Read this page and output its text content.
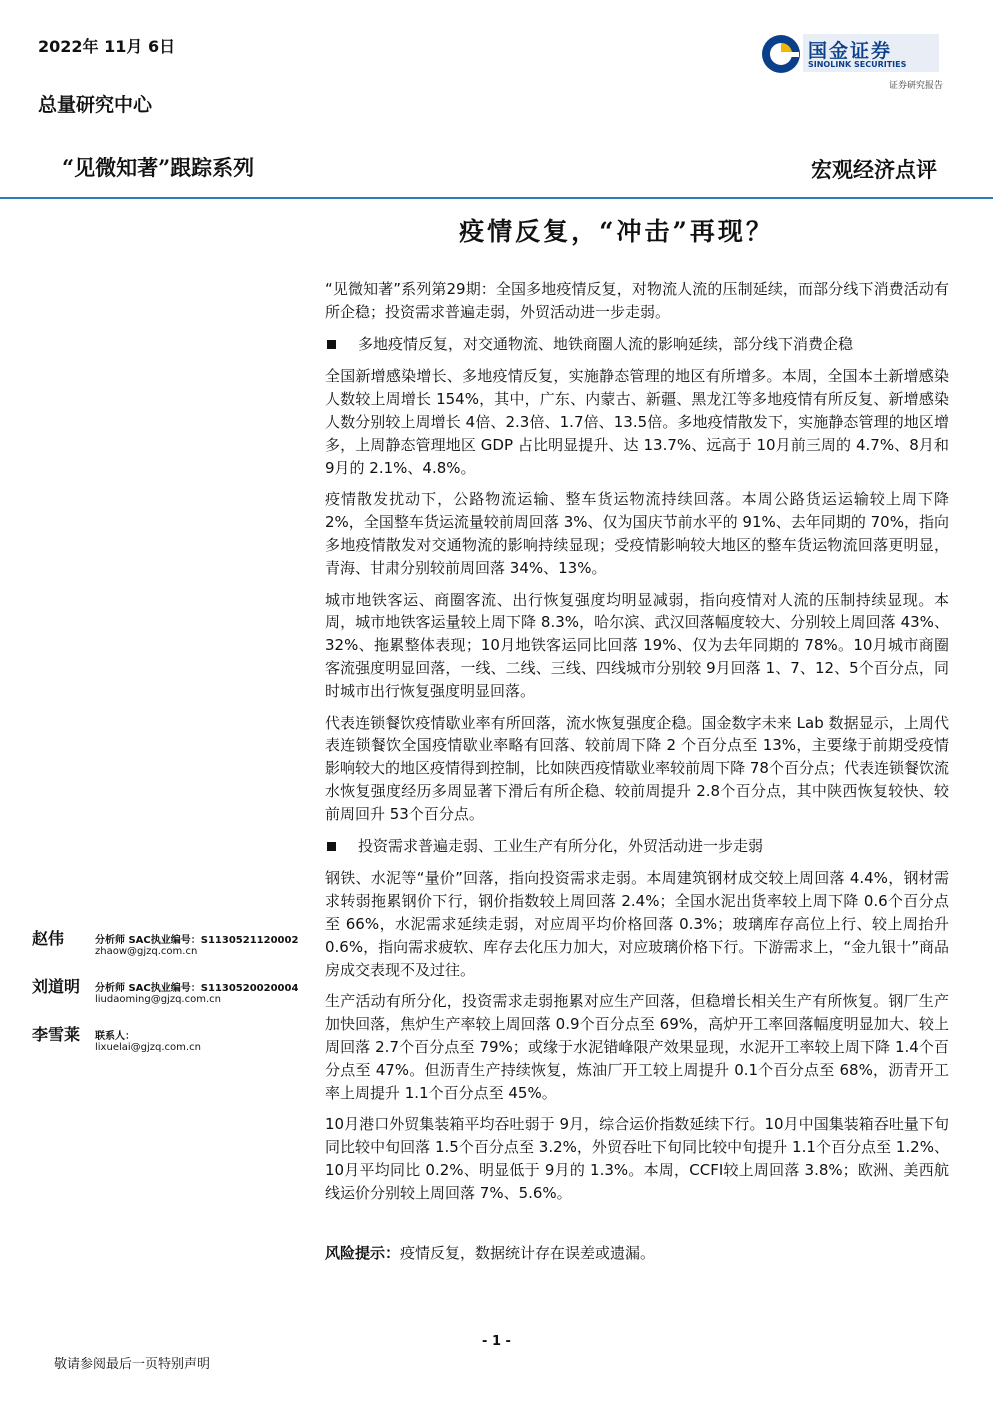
2022年 11月 6日
总量研究中心
“见微知著”跟踪系列	宏观经济点评
国金证券
SINOLINK SECURITIES
证券研究报告
疫情反复，“冲击”再现？

“见微知著”系列第29期：全国多地疫情反复，对物流人流的压制延续，而部分线下消费活动有所企稳；投资需求普遍走弱，外贸活动进一步走弱。

多地疫情反复，对交通物流、地铁商圈人流的影响延续，部分线下消费企稳

全国新增感染增长、多地疫情反复，实施静态管理的地区有所增多。本周，全国本土新增感染人数较上周增长 154%，其中，广东、内蒙古、新疆、黑龙江等多地疫情有所反复、新增感染人数分别较上周增长 4倍、2.3倍、1.7倍、13.5倍。多地疫情散发下，实施静态管理的地区增多，上周静态管理地区 GDP 占比明显提升、达 13.7%、远高于 10月前三周的 4.7%、8月和 9月的 2.1%、4.8%。

疫情散发扰动下，公路物流运输、整车货运物流持续回落。本周公路货运运输较上周下降 2%，全国整车货运流量较前周回落 3%、仅为国庆节前水平的 91%、去年同期的 70%，指向多地疫情散发对交通物流的影响持续显现；受疫情影响较大地区的整车货运物流回落更明显，青海、甘肃分别较前周回落 34%、13%。

城市地铁客运、商圈客流、出行恢复强度均明显减弱，指向疫情对人流的压制持续显现。本周，城市地铁客运量较上周下降 8.3%，哈尔滨、武汉回落幅度较大、分别较上周回落 43%、32%、拖累整体表现；10月地铁客运同比回落 19%、仅为去年同期的 78%。10月城市商圈客流强度明显回落，一线、二线、三线、四线城市分别较 9月回落 1、7、12、5个百分点，同时城市出行恢复强度明显回落。

代表连锁餐饮疫情歇业率有所回落，流水恢复强度企稳。国金数字未来 Lab 数据显示，上周代表连锁餐饮全国疫情歇业率略有回落、较前周下降 2 个百分点至 13%，主要缘于前期受疫情影响较大的地区疫情得到控制，比如陕西疫情歇业率较前周下降 78个百分点；代表连锁餐饮流水恢复强度经历多周显著下滑后有所企稳、较前周提升 2.8个百分点，其中陕西恢复较快、较前周回升 53个百分点。

投资需求普遍走弱、工业生产有所分化，外贸活动进一步走弱

钢铁、水泥等“量价”回落，指向投资需求走弱。本周建筑钢材成交较上周回落 4.4%，钢材需求转弱拖累钢价下行，钢价指数较上周回落 2.4%；全国水泥出货率较上周下降 0.6个百分点至 66%，水泥需求延续走弱，对应周平均价格回落 0.3%；玻璃库存高位上行、较上周抬升 0.6%，指向需求疲软、库存去化压力加大，对应玻璃价格下行。下游需求上，“金九银十”商品房成交表现不及过往。

生产活动有所分化，投资需求走弱拖累对应生产回落，但稳增长相关生产有所恢复。钢厂生产加快回落，焦炉生产率较上周回落 0.9个百分点至 69%，高炉开工率回落幅度明显加大、较上周回落 2.7个百分点至 79%；或缘于水泥错峰限产效果显现，水泥开工率较上周下降 1.4个百分点至 47%。但沥青生产持续恢复，炼油厂开工较上周提升 0.1个百分点至 68%，沥青开工率上周提升 1.1个百分点至 45%。

10月港口外贸集装箱平均吞吐弱于 9月，综合运价指数延续下行。10月中国集装箱吞吐量下旬同比较中旬回落 1.5个百分点至 3.2%，外贸吞吐下旬同比较中旬提升 1.1个百分点至 1.2%、10月平均同比 0.2%、明显低于 9月的 1.3%。本周，CCFI较上周回落 3.8%；欧洲、美西航线运价分别较上周回落 7%、5.6%。

风险提示：疫情反复，数据统计存在误差或遗漏。

赵伟	分析师 SAC执业编号：S1130521120002
zhaow@gjzq.com.cn
刘道明 分析师 SAC执业编号：S1130520020004
liudaoming@gjzq.com.cn
李雪莱 联系人：
lixuelai@gjzq.com.cn
- 1 -
敬请参阅最后一页特别声明
